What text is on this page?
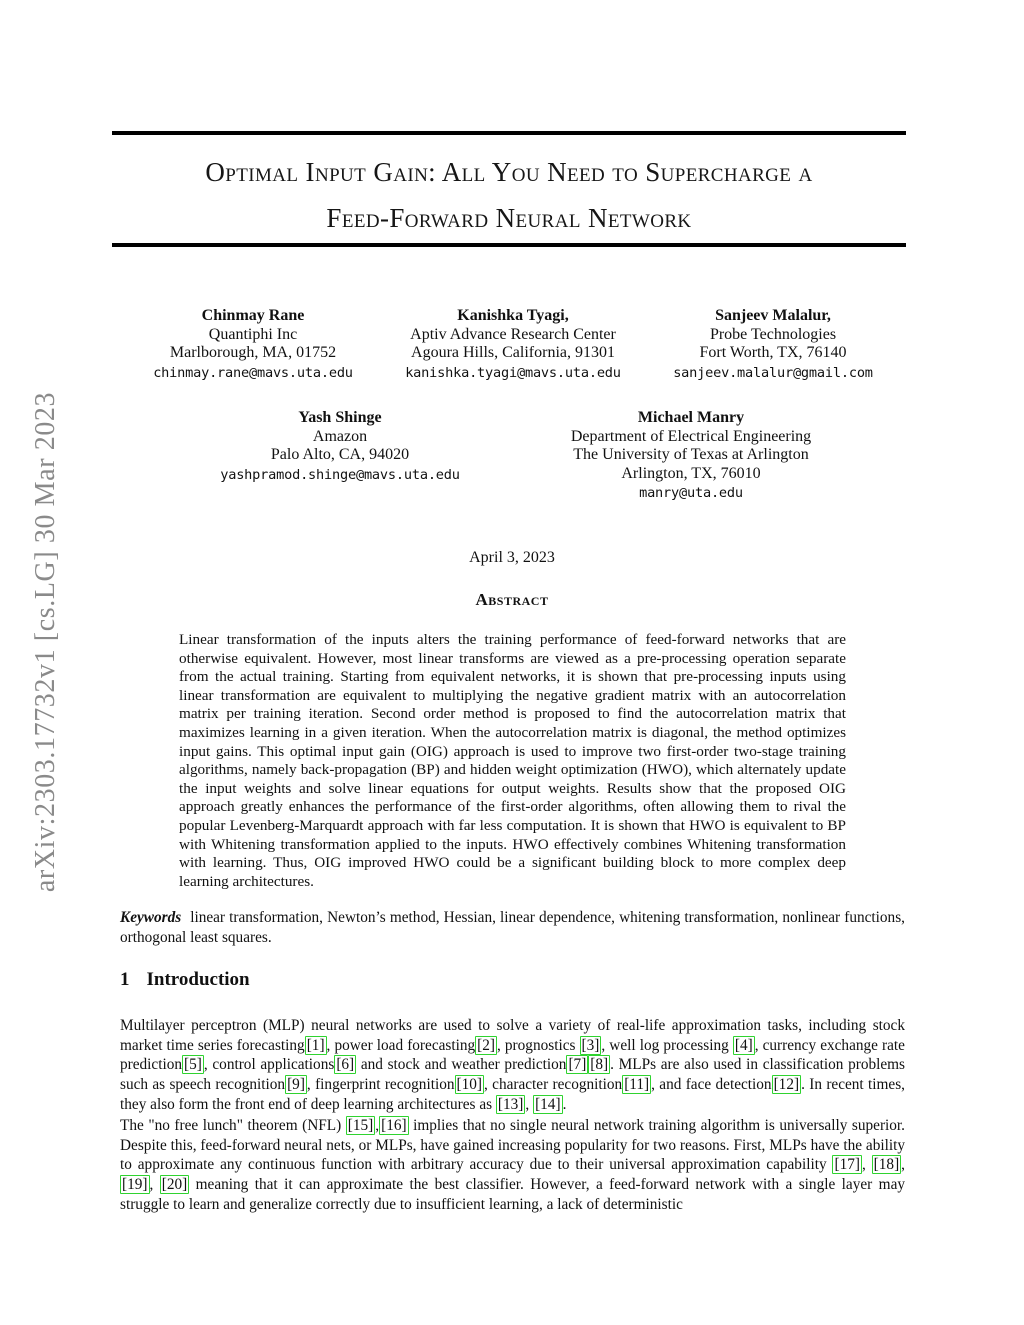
arXiv:2303.17732v1 [cs.LG] 30 Mar 2023
Optimal Input Gain: All You Need to Supercharge a
Feed-Forward Neural Network
Chinmay Rane
Quantiphi Inc
Marlborough, MA, 01752
chinmay.rane@mavs.uta.edu
Kanishka Tyagi,
Aptiv Advance Research Center
Agoura Hills, California, 91301
kanishka.tyagi@mavs.uta.edu
Sanjeev Malalur,
Probe Technologies
Fort Worth, TX, 76140
sanjeev.malalur@gmail.com
Yash Shinge
Amazon
Palo Alto, CA, 94020
yashpramod.shinge@mavs.uta.edu
Michael Manry
Department of Electrical Engineering
The University of Texas at Arlington
Arlington, TX, 76010
manry@uta.edu
April 3, 2023
Abstract
Linear transformation of the inputs alters the training performance of feed-forward networks that are otherwise equivalent. However, most linear transforms are viewed as a pre-processing operation separate from the actual training. Starting from equivalent networks, it is shown that pre-processing inputs using linear transformation are equivalent to multiplying the negative gradient matrix with an autocorrelation matrix per training iteration. Second order method is proposed to find the autocorrelation matrix that maximizes learning in a given iteration. When the autocorrelation matrix is diagonal, the method optimizes input gains. This optimal input gain (OIG) approach is used to improve two first-order two-stage training algorithms, namely back-propagation (BP) and hidden weight optimization (HWO), which alternately update the input weights and solve linear equations for output weights. Results show that the proposed OIG approach greatly enhances the performance of the first-order algorithms, often allowing them to rival the popular Levenberg-Marquardt approach with far less computation. It is shown that HWO is equivalent to BP with Whitening transformation applied to the inputs. HWO effectively combines Whitening transformation with learning. Thus, OIG improved HWO could be a significant building block to more complex deep learning architectures.
Keywords linear transformation, Newton’s method, Hessian, linear dependence, whitening transformation, nonlinear functions, orthogonal least squares.
1 Introduction
Multilayer perceptron (MLP) neural networks are used to solve a variety of real-life approximation tasks, including stock market time series forecasting [1] , power load forecasting [2] , prognostics [3] , well log processing [4] , currency exchange rate prediction [5] , control applications [6] and stock and weather prediction [7] [8] . MLPs are also used in classification problems such as speech recognition [9] , fingerprint recognition [10] , character recognition [11] , and face detection [12] . In recent times, they also form the front end of deep learning architectures as [13] , [14] .
The "no free lunch" theorem (NFL) [15] , [16] implies that no single neural network training algorithm is universally superior. Despite this, feed-forward neural nets, or MLPs, have gained increasing popularity for two reasons. First, MLPs have the ability to approximate any continuous function with arbitrary accuracy due to their universal approximation capability [17] , [18] , [19] , [20] meaning that it can approximate the best classifier. However, a feed-forward network with a single layer may struggle to learn and generalize correctly due to insufficient learning, a lack of deterministic
